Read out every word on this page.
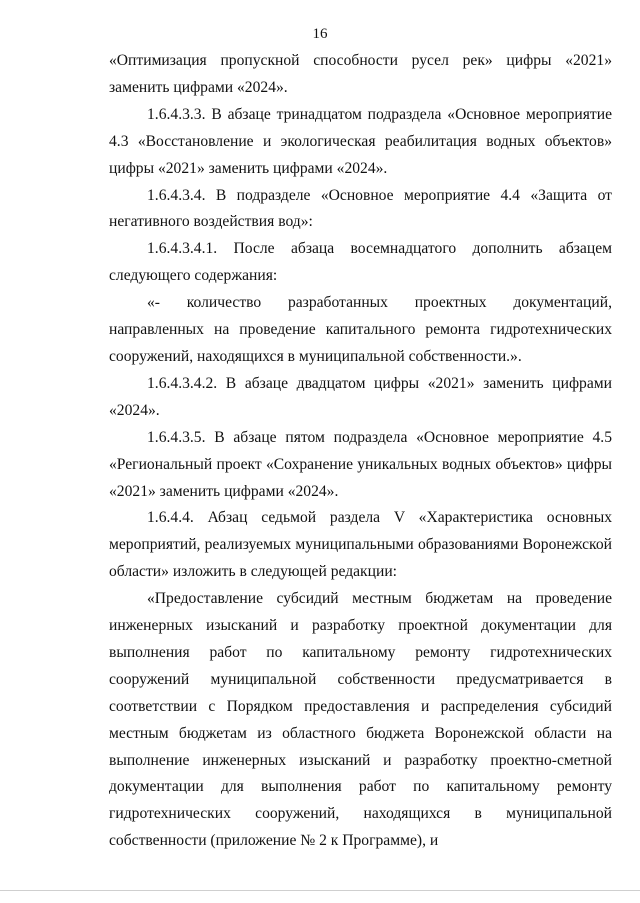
16

«Оптимизация пропускной способности русел рек» цифры «2021» заменить цифрами «2024».

1.6.4.3.3. В абзаце тринадцатом подраздела «Основное мероприятие 4.3 «Восстановление и экологическая реабилитация водных объектов» цифры «2021» заменить цифрами «2024».

1.6.4.3.4. В подразделе «Основное мероприятие 4.4 «Защита от негативного воздействия вод»:

1.6.4.3.4.1. После абзаца восемнадцатого дополнить абзацем следующего содержания:

«- количество разработанных проектных документаций, направленных на проведение капитального ремонта гидротехнических сооружений, находящихся в муниципальной собственности.».

1.6.4.3.4.2. В абзаце двадцатом цифры «2021» заменить цифрами «2024».

1.6.4.3.5. В абзаце пятом подраздела «Основное мероприятие 4.5 «Региональный проект «Сохранение уникальных водных объектов» цифры «2021» заменить цифрами «2024».

1.6.4.4. Абзац седьмой раздела V «Характеристика основных мероприятий, реализуемых муниципальными образованиями Воронежской области» изложить в следующей редакции:

«Предоставление субсидий местным бюджетам на проведение инженерных изысканий и разработку проектной документации для выполнения работ по капитальному ремонту гидротехнических сооружений муниципальной собственности предусматривается в соответствии с Порядком предоставления и распределения субсидий местным бюджетам из областного бюджета Воронежской области на выполнение инженерных изысканий и разработку проектно-сметной документации для выполнения работ по капитальному ремонту гидротехнических сооружений, находящихся в муниципальной собственности (приложение № 2 к Программе), и
